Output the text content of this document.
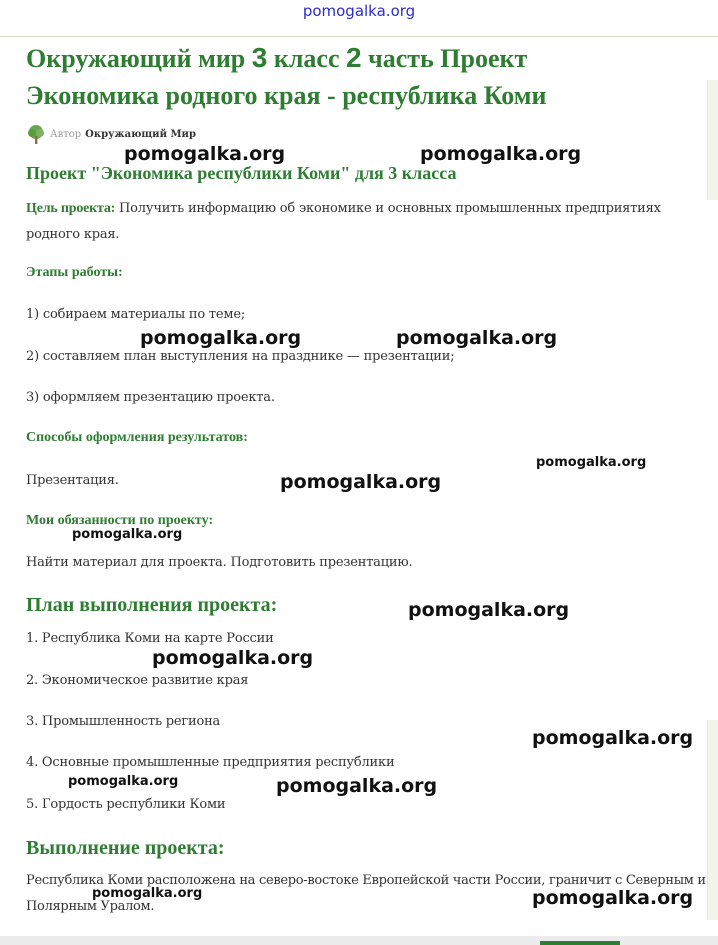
pomogalka.org
Окружающий мир 3 класс 2 часть Проект
Экономика родного края - республика Коми
Автор Окружающий Мир
Проект "Экономика республики Коми" для 3 класса
Цель проекта: Получить информацию об экономике и основных промышленных предприятиях родного края.
Этапы работы:
1) собираем материалы по теме;
2) составляем план выступления на празднике — презентации;
3) оформляем презентацию проекта.
Способы оформления результатов:
Презентация.
Мои обязанности по проекту:
Найти материал для проекта. Подготовить презентацию.
План выполнения проекта:
1. Республика Коми на карте России
2. Экономическое развитие края
3. Промышленность региона
4. Основные промышленные предприятия республики
5. Гордость республики Коми
Выполнение проекта:
Республика Коми расположена на северо-востоке Европейской части России, граничит с Северным и Полярным Уралом.
pomogalka.org	pomogalka.org
pomogalka.org	pomogalka.org
pomogalka.org
pomogalka.org
pomogalka.org
pomogalka.org
pomogalka.org
pomogalka.org
pomogalka.org	pomogalka.org
pomogalka.org	pomogalka.org
